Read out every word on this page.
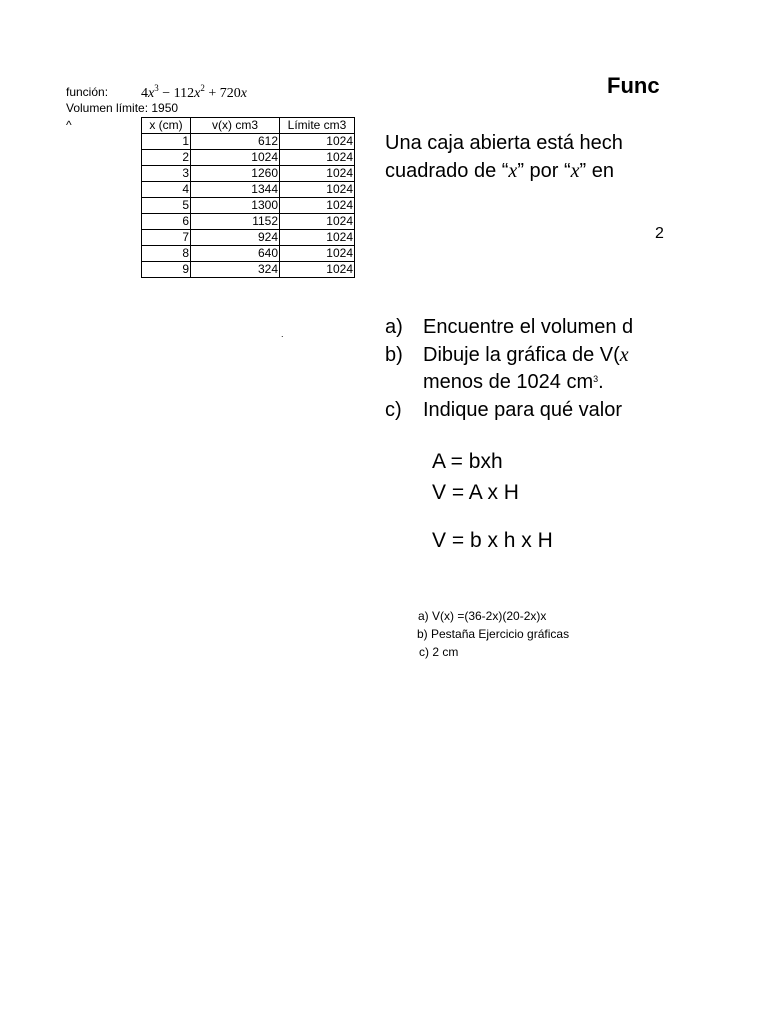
función: $4x^3 - 112x^2 + 720x$
Volumen límite: 1950
^	x (cm)	v(x) cm3	Límite cm3
1	612	1024
2	1024	1024
3	1260	1024
4	1344	1024
5	1300	1024
6	1152	1024
7	924	1024
8	640	1024
9	324	1024
.
Func
Una caja abierta está hech
cuadrado de “x” por “x” en
2
a) Encuentre el volumen d
b) Dibuje la gráfica de V(x
menos de 1024 $cm^3$.
c) Indique para qué valor
A = bxh
V = A x H
V = b x h x H
a) V(x) =(36-2x)(20-2x)x
b) Pestaña Ejercicio gráficas
c) 2 cm
